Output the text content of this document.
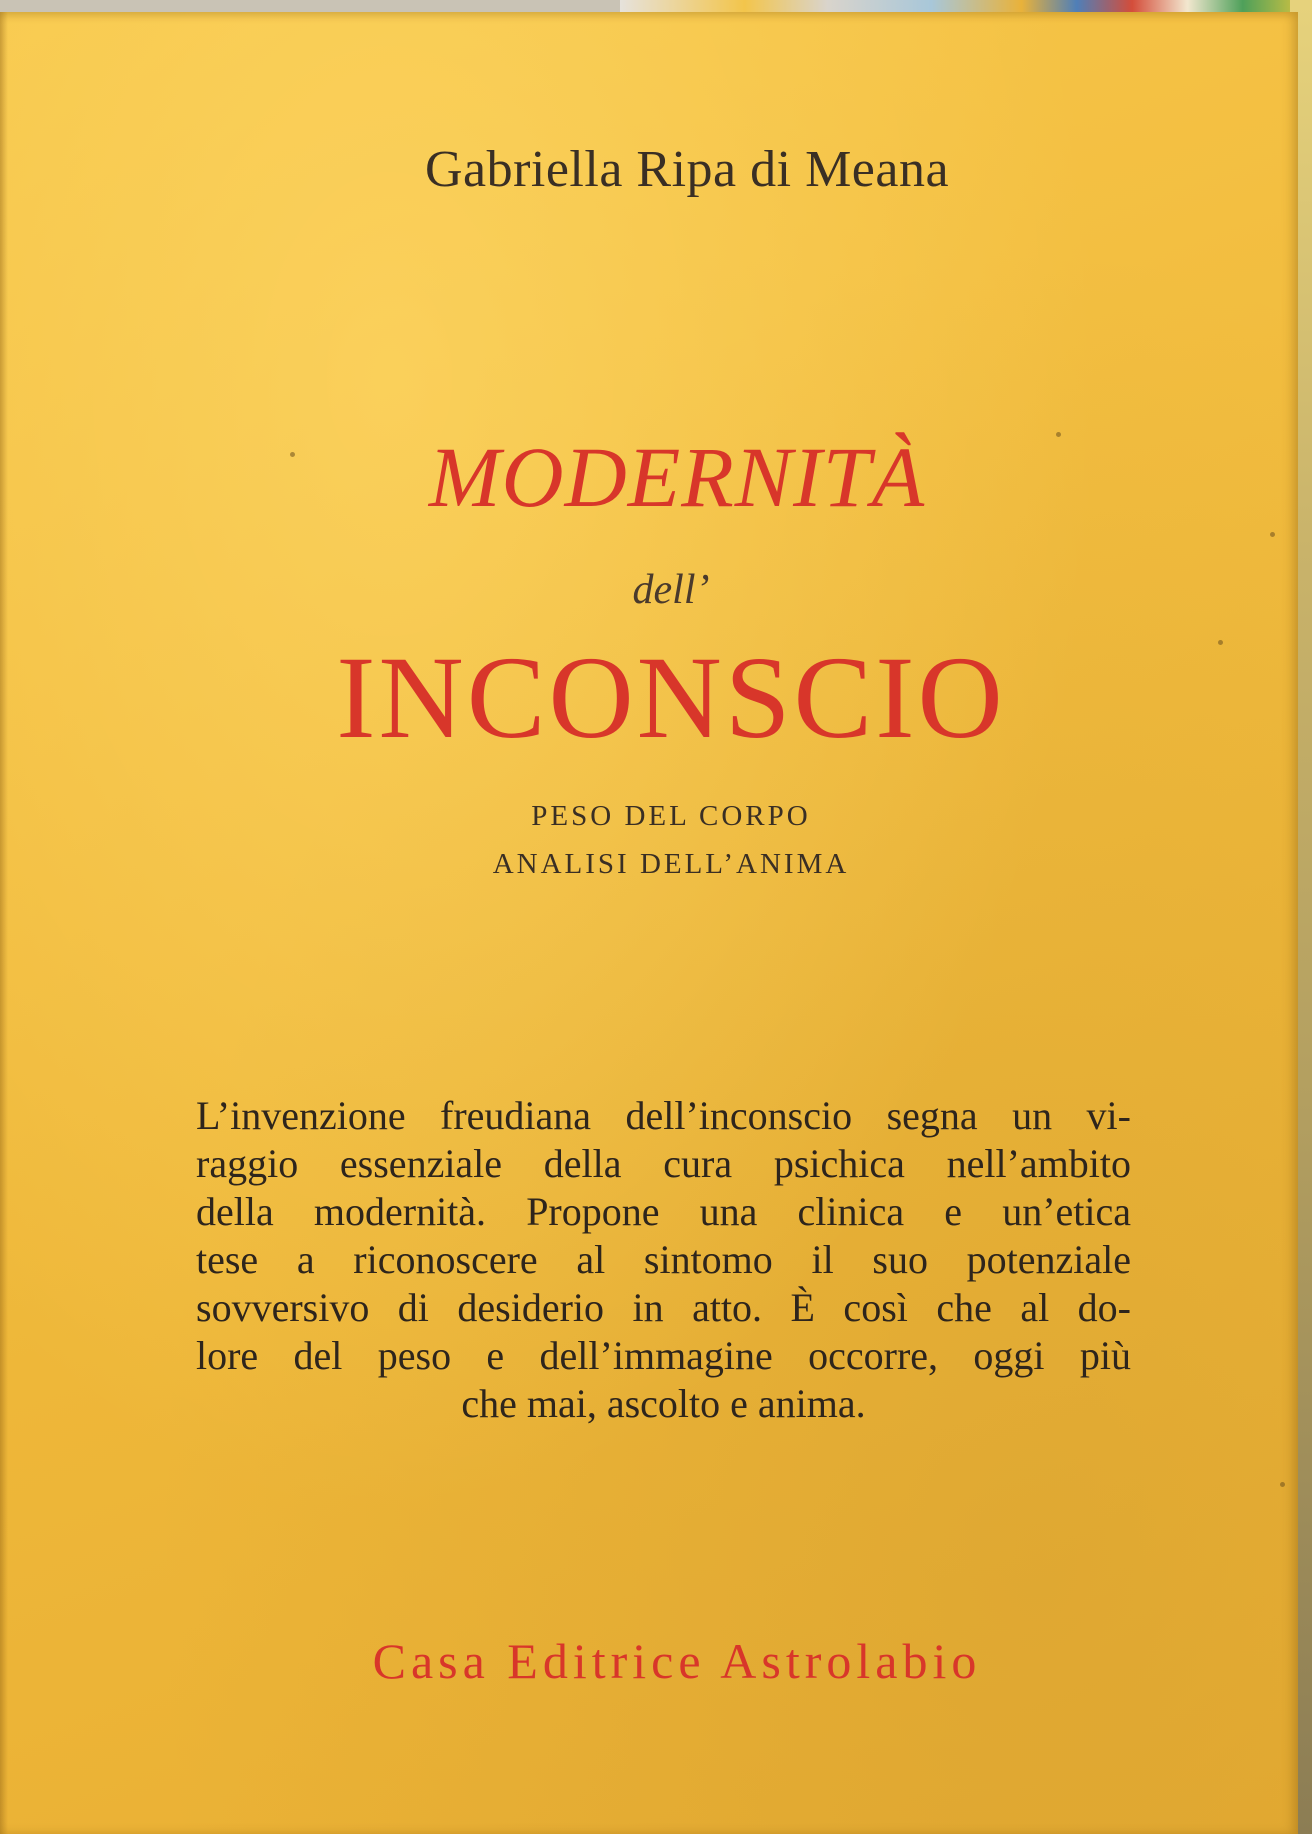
Gabriella Ripa di Meana
MODERNITÀ
dell’
INCONSCIO
PESO DEL CORPO
ANALISI DELL’ANIMA
L’invenzione freudiana dell’inconscio segna un vi-
raggio essenziale della cura psichica nell’ambito
della modernità. Propone una clinica e un’etica
tese a riconoscere al sintomo il suo potenziale
sovversivo di desiderio in atto. È così che al do-
lore del peso e dell’immagine occorre, oggi più
che mai, ascolto e anima.
Casa Editrice Astrolabio
